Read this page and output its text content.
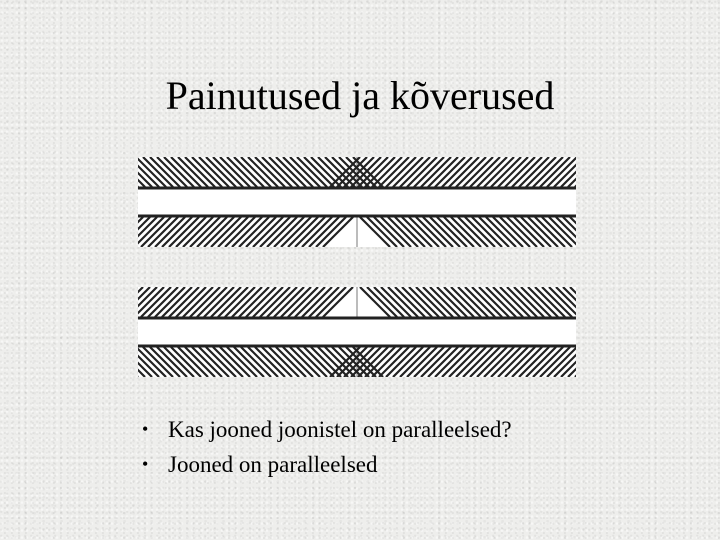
Painutused ja kõverused
• Kas jooned joonistel on paralleelsed?
• Jooned on paralleelsed
